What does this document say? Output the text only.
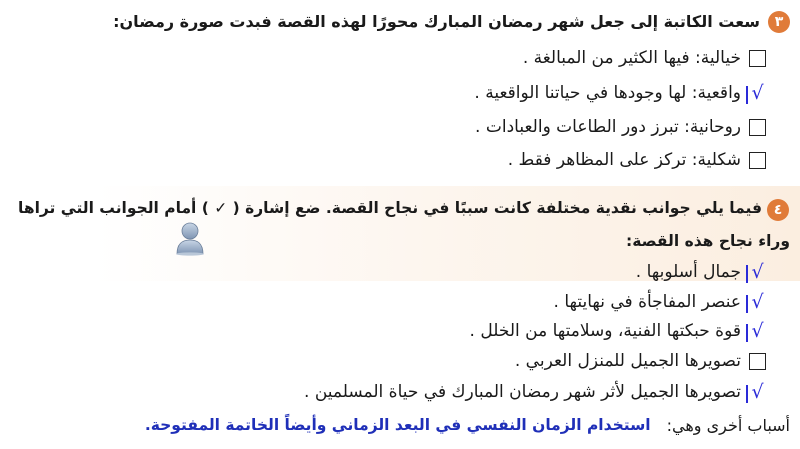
٣
سعت الكاتبة إلى جعل شهر رمضان المبارك محورًا لهذه القصة فبدت صورة رمضان:
خيالية: فيها الكثير من المبالغة .
√
واقعية: لها وجودها في حياتنا الواقعية .
روحانية: تبرز دور الطاعات والعبادات .
شكلية: تركز على المظاهر فقط .
٤
فيما يلي جوانب نقدية مختلفة كانت سببًا في نجاح القصة. ضع إشارة ( ✓ ) أمام الجوانب التي تراها
وراء نجاح هذه القصة:
√
جمال أسلوبها .
√
عنصر المفاجأة في نهايتها .
√
قوة حبكتها الفنية، وسلامتها من الخلل .
تصويرها الجميل للمنزل العربي .
√
تصويرها الجميل لأثر شهر رمضان المبارك في حياة المسلمين .
أسباب أخرى وهي:
استخدام الزمان النفسي في البعد الزماني وأيضاً الخاتمة المفتوحة.
